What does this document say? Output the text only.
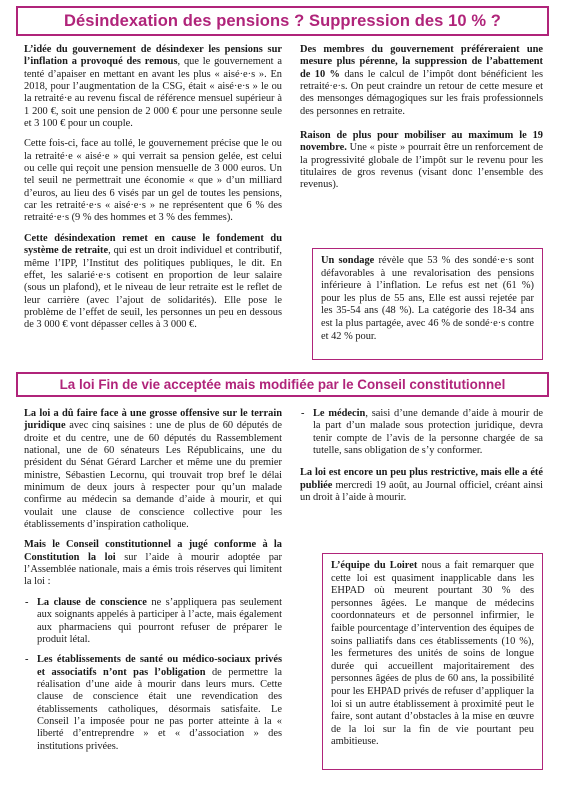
Désindexation des pensions ? Suppression des 10 % ?

L’idée du gouvernement de désindexer les pensions sur l’inflation a provoqué des remous, que le gouvernement a tenté d’apaiser en mettant en avant les plus « aisé·e·s ». En 2018, pour l’augmentation de la CSG, était « aisé·e·s » le ou la retraité·e au revenu fiscal de référence mensuel supérieur à 1 200 €, soit une pension de 2 000 € pour une personne seule et 3 100 € pour un couple.

Cette fois-ci, face au tollé, le gouvernement précise que le ou la retraité·e « aisé·e » qui verrait sa pension gelée, est celui ou celle qui reçoit une pension mensuelle de 3 000 euros. Un tel seuil ne permettrait une économie « que » d’un milliard d’euros, au lieu des 6 visés par un gel de toutes les pensions, car les retraité·e·s « aisé·e·s » ne représentent que 6 % des retraité·e·s (9 % des hommes et 3 % des femmes).

Cette désindexation remet en cause le fondement du système de retraite, qui est un droit individuel et contributif, même l’IPP, l’Institut des politiques publiques, le dit. En effet, les salarié·e·s cotisent en proportion de leur salaire (sous un plafond), et le niveau de leur retraite est le reflet de leur carrière (avec l’ajout de solidarités). Elle pose le problème de l’effet de seuil, les personnes un peu en dessous de 3 000 € vont dépasser celles à 3 000 €.

Des membres du gouvernement préféreraient une mesure plus pérenne, la suppression de l’abattement de 10 % dans le calcul de l’impôt dont bénéficient les retraité·e·s. On peut craindre un retour de cette mesure et des mensonges démagogiques sur les frais professionnels des personnes en retraite.

Raison de plus pour mobiliser au maximum le 19 novembre. Une « piste » pourrait être un renforcement de la progressivité globale de l’impôt sur le revenu pour les titulaires de gros revenus (visant donc l’ensemble des revenus).

Un sondage révèle que 53 % des sondé·e·s sont défavorables à une revalorisation des pensions inférieure à l’inflation. Le refus est net (61 %) pour les plus de 55 ans, Elle est aussi rejetée par les 35-54 ans (48 %). La catégorie des 18-34 ans est la plus partagée, avec 46 % de sondé·e·s contre et 42 % pour.
La loi Fin de vie acceptée mais modifiée par le Conseil constitutionnel

La loi a dû faire face à une grosse offensive sur le terrain juridique avec cinq saisines : une de plus de 60 députés de droite et du centre, une de 60 députés du Rassemblement national, une de 60 sénateurs Les Républicains, une du président du Sénat Gérard Larcher et même une du premier ministre, Sébastien Lecornu, qui trouvait trop bref le délai minimum de deux jours à respecter pour qu’un malade confirme au médecin sa demande d’aide à mourir, et qui voulait une clause de conscience collective pour les établissements d’inspiration catholique.

Mais le Conseil constitutionnel a jugé conforme à la Constitution la loi sur l’aide à mourir adoptée par l’Assemblée nationale, mais a émis trois réserves qui limitent la loi :

- La clause de conscience ne s’appliquera pas seulement aux soignants appelés à participer à l’acte, mais également aux pharmaciens qui pourront refuser de préparer le produit létal.
- Les établissements de santé ou médico-sociaux privés et associatifs n’ont pas l’obligation de permettre la réalisation d’une aide à mourir dans leurs murs. Cette clause de conscience était une revendication des établissements catholiques, désormais satisfaite. Le Conseil l’a imposée pour ne pas porter atteinte à la « liberté d’entreprendre » et « d’association » des institutions privées.
- Le médecin, saisi d’une demande d’aide à mourir de la part d’un malade sous protection juridique, devra tenir compte de l’avis de la personne chargée de sa tutelle, sans obligation de s’y conformer.

La loi est encore un peu plus restrictive, mais elle a été publiée mercredi 19 août, au Journal officiel, créant ainsi un droit à l’aide à mourir.

L’équipe du Loiret nous a fait remarquer que cette loi est quasiment inapplicable dans les EHPAD où meurent pourtant 30 % des personnes âgées. Le manque de médecins coordonnateurs et de personnel infirmier, le faible pourcentage d’intervention des équipes de soins palliatifs dans ces établissements (10 %), les fermetures des unités de soins de longue durée qui accueillent majoritairement des personnes âgées de plus de 60 ans, la possibilité pour les EHPAD privés de refuser d’appliquer la loi si un autre établissement à proximité peut le faire, sont autant d’obstacles à la mise en œuvre de la loi sur la fin de vie pourtant peu ambitieuse.
